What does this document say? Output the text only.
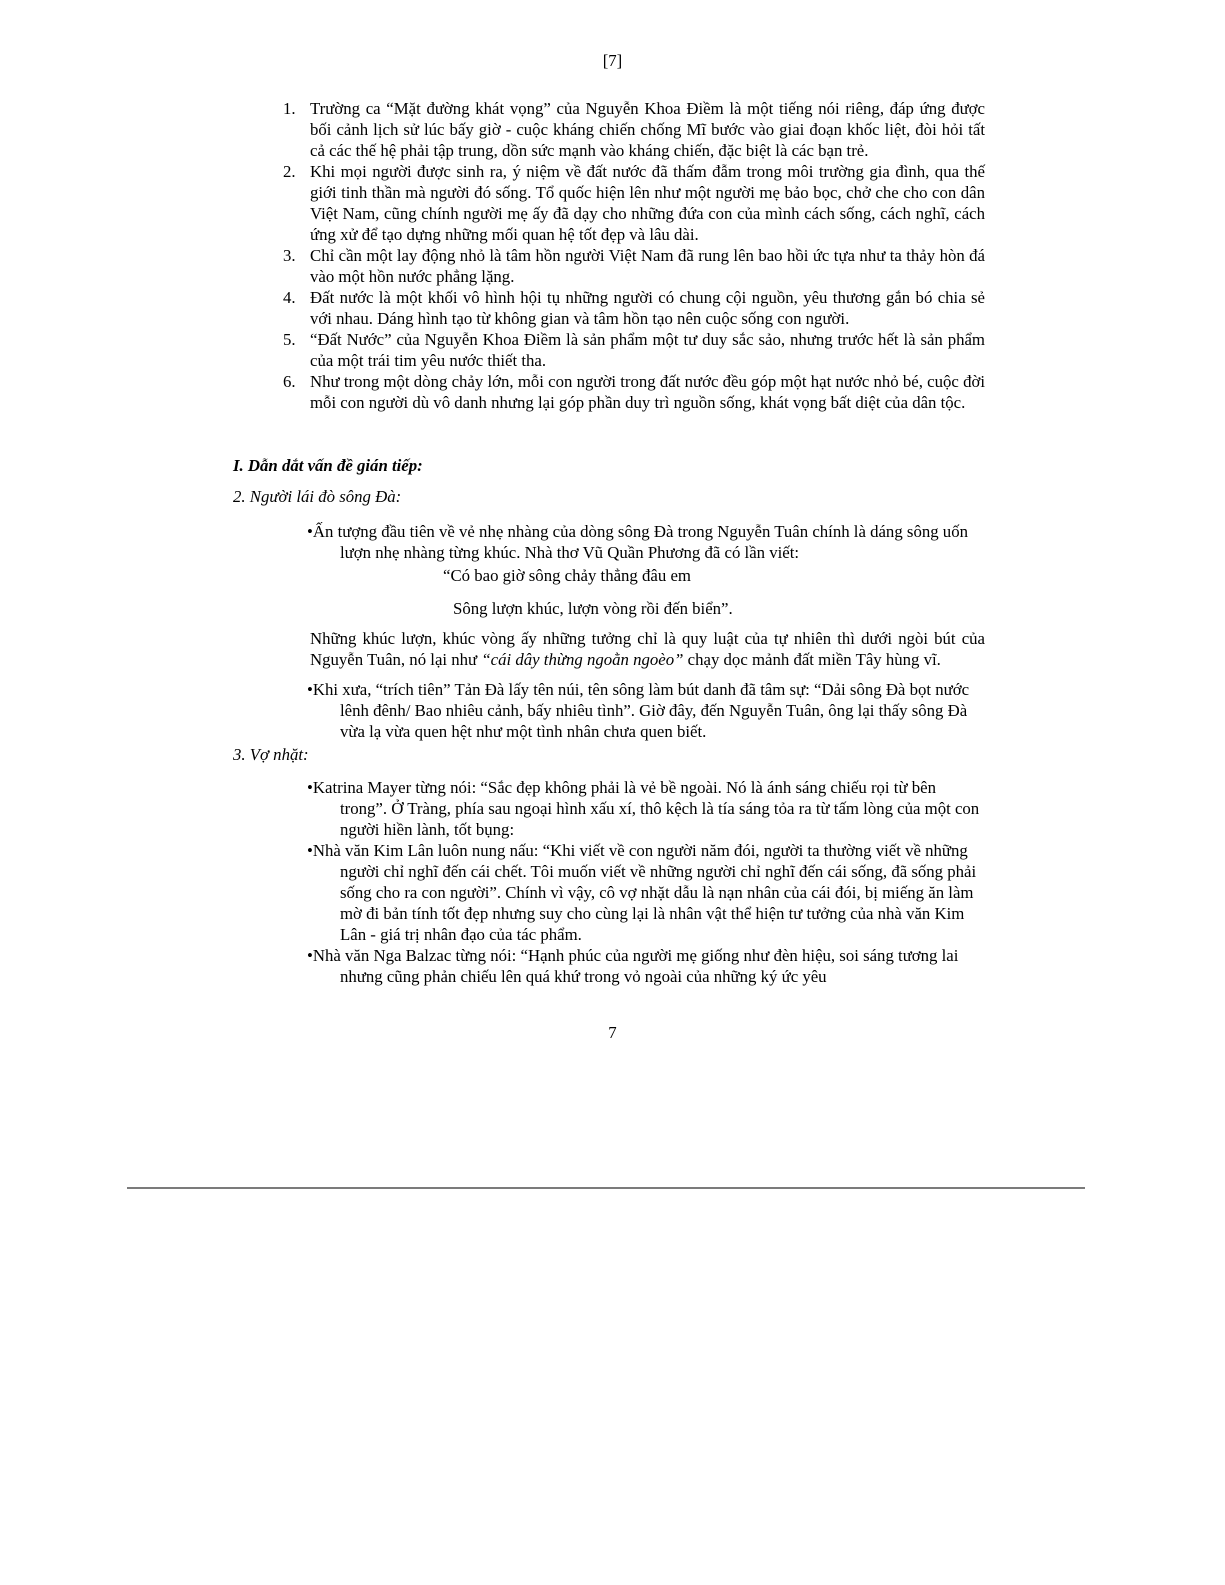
[7]
1. Trường ca “Mặt đường khát vọng” của Nguyễn Khoa Điềm là một tiếng nói riêng, đáp ứng được bối cảnh lịch sử lúc bấy giờ - cuộc kháng chiến chống Mĩ bước vào giai đoạn khốc liệt, đòi hỏi tất cả các thế hệ phải tập trung, dồn sức mạnh vào kháng chiến, đặc biệt là các bạn trẻ.
2. Khi mọi người được sinh ra, ý niệm về đất nước đã thấm đẫm trong môi trường gia đình, qua thế giới tinh thần mà người đó sống. Tổ quốc hiện lên như một người mẹ bảo bọc, chở che cho con dân Việt Nam, cũng chính người mẹ ấy đã dạy cho những đứa con của mình cách sống, cách nghĩ, cách ứng xử để tạo dựng những mối quan hệ tốt đẹp và lâu dài.
3. Chỉ cần một lay động nhỏ là tâm hồn người Việt Nam đã rung lên bao hồi ức tựa như ta thảy hòn đá vào một hồn nước phẳng lặng.
4. Đất nước là một khối vô hình hội tụ những người có chung cội nguồn, yêu thương gắn bó chia sẻ với nhau. Dáng hình tạo từ không gian và tâm hồn tạo nên cuộc sống con người.
5. “Đất Nước” của Nguyễn Khoa Điềm là sản phẩm một tư duy sắc sảo, nhưng trước hết là sản phẩm của một trái tim yêu nước thiết tha.
6. Như trong một dòng chảy lớn, mỗi con người trong đất nước đều góp một hạt nước nhỏ bé, cuộc đời mỗi con người dù vô danh nhưng lại góp phần duy trì nguồn sống, khát vọng bất diệt của dân tộc.
I. Dẫn dắt vấn đề gián tiếp:
2. Người lái đò sông Đà:
•Ấn tượng đầu tiên về vẻ nhẹ nhàng của dòng sông Đà trong Nguyễn Tuân chính là dáng sông uốn lượn nhẹ nhàng từng khúc. Nhà thơ Vũ Quần Phương đã có lần viết:
“Có bao giờ sông chảy thẳng đâu em
Sông lượn khúc, lượn vòng rồi đến biển”.
Những khúc lượn, khúc vòng ấy những tưởng chỉ là quy luật của tự nhiên thì dưới ngòi bút của Nguyễn Tuân, nó lại như “cái dây thừng ngoằn ngoèo” chạy dọc mảnh đất miền Tây hùng vĩ.
•Khi xưa, “trích tiên” Tản Đà lấy tên núi, tên sông làm bút danh đã tâm sự: “Dải sông Đà bọt nước lênh đênh/ Bao nhiêu cảnh, bấy nhiêu tình”. Giờ đây, đến Nguyễn Tuân, ông lại thấy sông Đà vừa lạ vừa quen hệt như một tình nhân chưa quen biết.
3. Vợ nhặt:
•Katrina Mayer từng nói: “Sắc đẹp không phải là vẻ bề ngoài. Nó là ánh sáng chiếu rọi từ bên trong”. Ở Tràng, phía sau ngoại hình xấu xí, thô kệch là tía sáng tỏa ra từ tấm lòng của một con người hiền lành, tốt bụng:
•Nhà văn Kim Lân luôn nung nấu: “Khi viết về con người năm đói, người ta thường viết về những người chỉ nghĩ đến cái chết. Tôi muốn viết về những người chỉ nghĩ đến cái sống, đã sống phải sống cho ra con người”. Chính vì vậy, cô vợ nhặt dẫu là nạn nhân của cái đói, bị miếng ăn làm mờ đi bản tính tốt đẹp nhưng suy cho cùng lại là nhân vật thể hiện tư tưởng của nhà văn Kim Lân - giá trị nhân đạo của tác phẩm.
•Nhà văn Nga Balzac từng nói: “Hạnh phúc của người mẹ giống như đèn hiệu, soi sáng tương lai nhưng cũng phản chiếu lên quá khứ trong vỏ ngoài của những ký ức yêu
7
